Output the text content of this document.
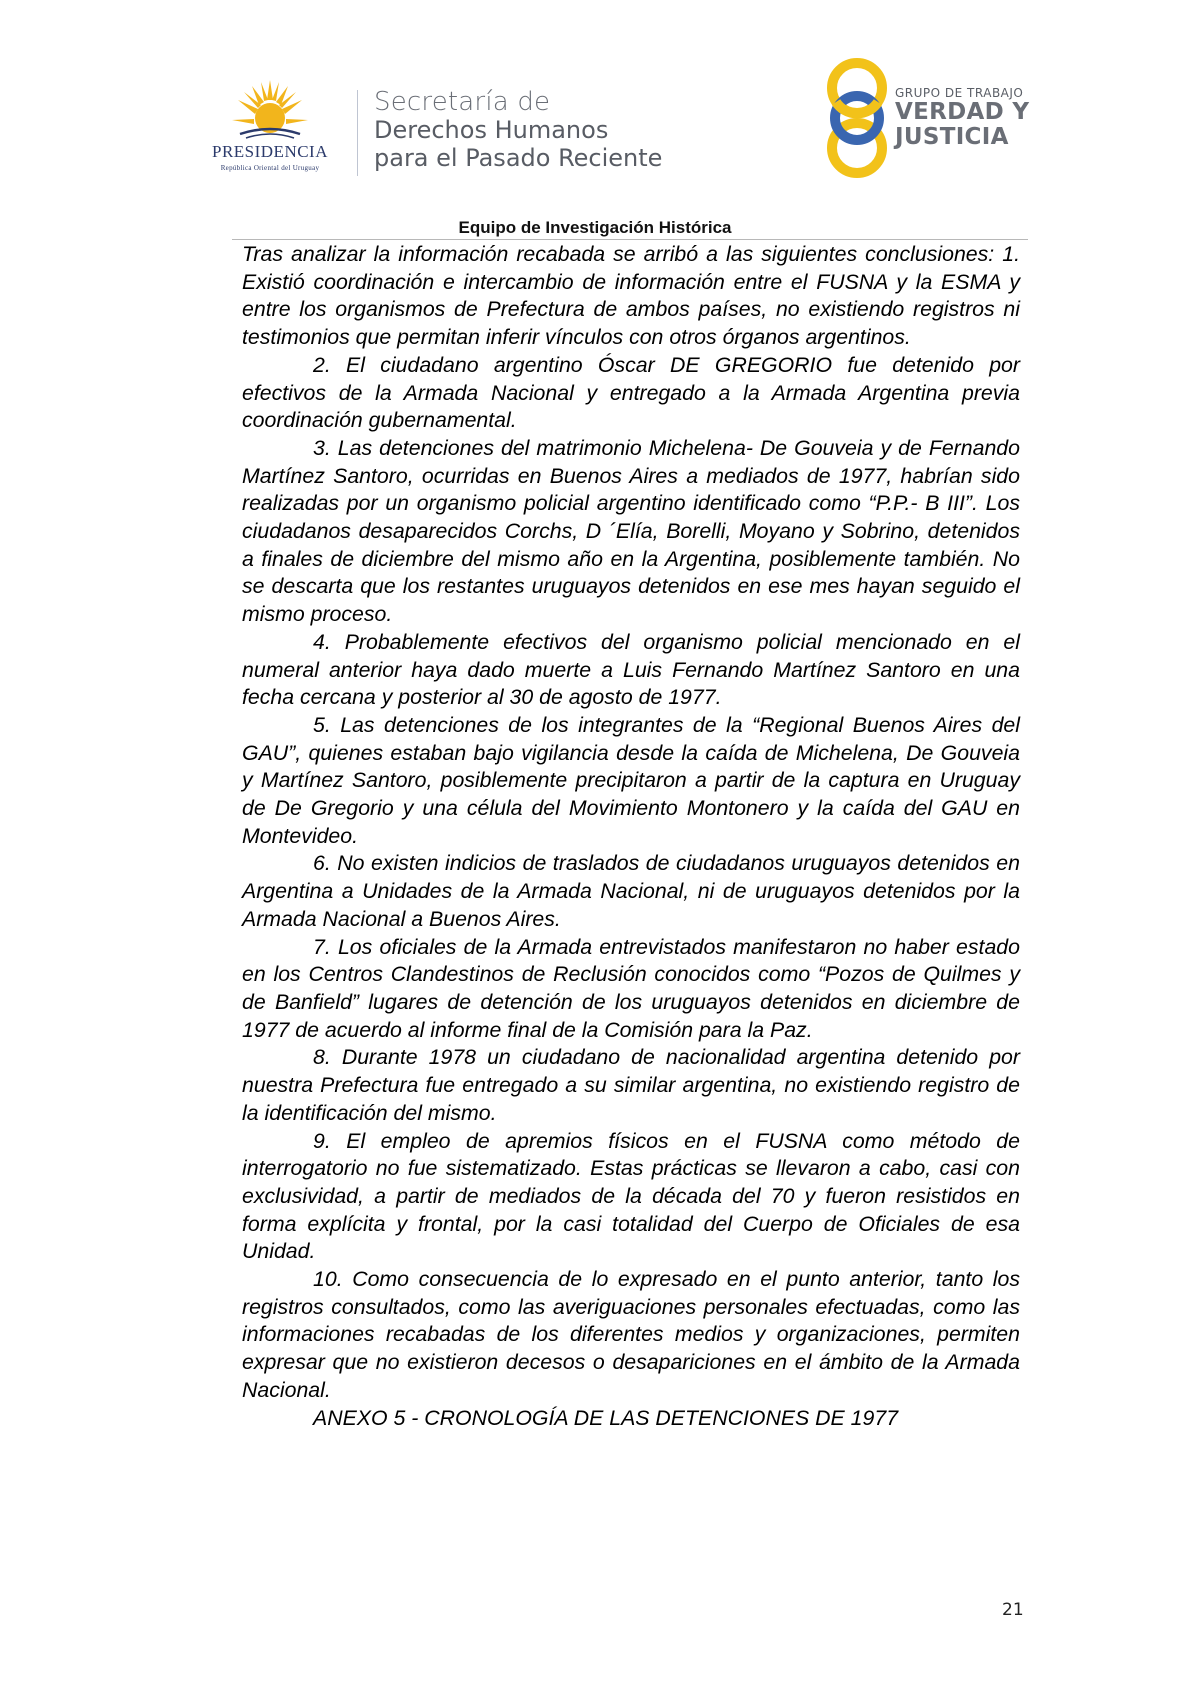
PRESIDENCIA
República Oriental del Uruguay
Secretaría de
Derechos Humanos
para el Pasado Reciente
GRUPO DE TRABAJO
VERDAD Y
JUSTICIA
Equipo de Investigación Histórica

Tras analizar la información recabada se arribó a las siguientes conclusiones: 1. Existió coordinación e intercambio de información entre el FUSNA y la ESMA y entre los organismos de Prefectura de ambos países, no existiendo registros ni testimonios que permitan inferir vínculos con otros órganos argentinos.

2. El ciudadano argentino Óscar DE GREGORIO fue detenido por efectivos de la Armada Nacional y entregado a la Armada Argentina previa coordinación gubernamental.

3. Las detenciones del matrimonio Michelena- De Gouveia y de Fernando Martínez Santoro, ocurridas en Buenos Aires a mediados de 1977, habrían sido realizadas por un organismo policial argentino identificado como “P.P.- B III”. Los ciudadanos desaparecidos Corchs, D ´Elía, Borelli, Moyano y Sobrino, detenidos a finales de diciembre del mismo año en la Argentina, posiblemente también. No se descarta que los restantes uruguayos detenidos en ese mes hayan seguido el mismo proceso.

4. Probablemente efectivos del organismo policial mencionado en el numeral anterior haya dado muerte a Luis Fernando Martínez Santoro en una fecha cercana y posterior al 30 de agosto de 1977.

5. Las detenciones de los integrantes de la “Regional Buenos Aires del GAU”, quienes estaban bajo vigilancia desde la caída de Michelena, De Gouveia y Martínez Santoro, posiblemente precipitaron a partir de la captura en Uruguay de De Gregorio y una célula del Movimiento Montonero y la caída del GAU en Montevideo.

6. No existen indicios de traslados de ciudadanos uruguayos detenidos en Argentina a Unidades de la Armada Nacional, ni de uruguayos detenidos por la Armada Nacional a Buenos Aires.

7. Los oficiales de la Armada entrevistados manifestaron no haber estado en los Centros Clandestinos de Reclusión conocidos como “Pozos de Quilmes y de Banfield” lugares de detención de los uruguayos detenidos en diciembre de 1977 de acuerdo al informe final de la Comisión para la Paz.

8. Durante 1978 un ciudadano de nacionalidad argentina detenido por nuestra Prefectura fue entregado a su similar argentina, no existiendo registro de la identificación del mismo.

9. El empleo de apremios físicos en el FUSNA como método de interrogatorio no fue sistematizado. Estas prácticas se llevaron a cabo, casi con exclusividad, a partir de mediados de la década del 70 y fueron resistidos en forma explícita y frontal, por la casi totalidad del Cuerpo de Oficiales de esa Unidad.

10. Como consecuencia de lo expresado en el punto anterior, tanto los registros consultados, como las averiguaciones personales efectuadas, como las informaciones recabadas de los diferentes medios y organizaciones, permiten expresar que no existieron decesos o desapariciones en el ámbito de la Armada Nacional.

ANEXO 5 - CRONOLOGÍA DE LAS DETENCIONES DE 1977

21
